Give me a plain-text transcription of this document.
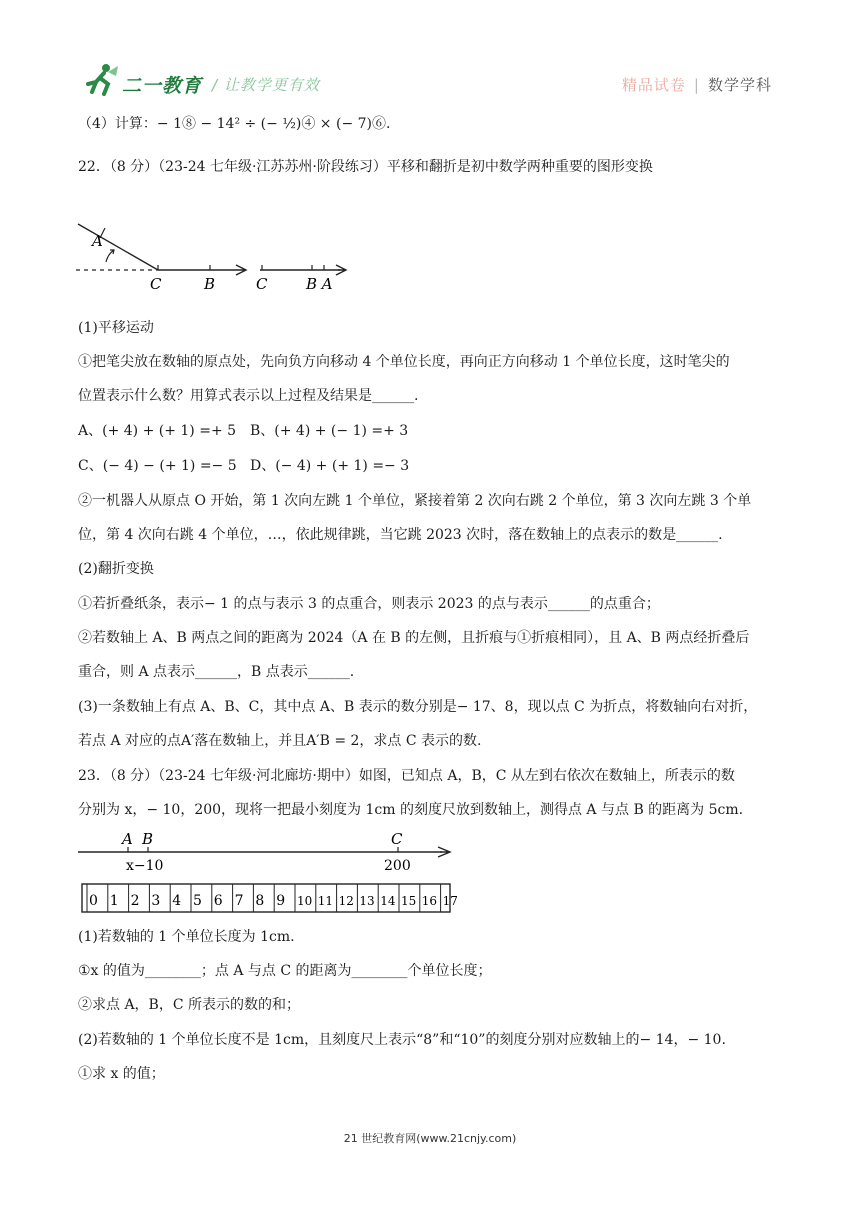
二一教育 / 让教学更有效	精品试卷 | 数学学科
（4）计算：− 1⑧ − 14² ÷ (− ½)④ × (− 7)⑥.
22．（8 分）（23-24 七年级·江苏苏州·阶段练习）平移和翻折是初中数学两种重要的图形变换
A
C	B	C	B A
(1)平移运动
①把笔尖放在数轴的原点处，先向负方向移动 4 个单位长度，再向正方向移动 1 个单位长度，这时笔尖的
位置表示什么数？用算式表示以上过程及结果是______.
A、(+ 4) + (+ 1) =+ 5 B、(+ 4) + (− 1) =+ 3
C、(− 4) − (+ 1) =− 5 D、(− 4) + (+ 1) =− 3
②一机器人从原点 O 开始，第 1 次向左跳 1 个单位，紧接着第 2 次向右跳 2 个单位，第 3 次向左跳 3 个单
位，第 4 次向右跳 4 个单位，…，依此规律跳，当它跳 2023 次时，落在数轴上的点表示的数是______.
(2)翻折变换
①若折叠纸条，表示− 1 的点与表示 3 的点重合，则表示 2023 的点与表示______的点重合；
②若数轴上 A、B 两点之间的距离为 2024（A 在 B 的左侧，且折痕与①折痕相同），且 A、B 两点经折叠后
重合，则 A 点表示______，B 点表示______.
(3)一条数轴上有点 A、B、C，其中点 A、B 表示的数分别是− 17、8，现以点 C 为折点，将数轴向右对折，
若点 A 对应的点A′落在数轴上，并且A′B = 2，求点 C 表示的数.
23．（8 分）（23-24 七年级·河北廊坊·期中）如图，已知点 A，B，C 从左到右依次在数轴上，所表示的数
分别为 x，− 10，200，现将一把最小刻度为 1cm 的刻度尺放到数轴上，测得点 A 与点 B 的距离为 5cm.
A B	C
x−10	200
0 1 2 3 4 5 6 7 8 9 10 11 12 13 14 15 16 17
(1)若数轴的 1 个单位长度为 1cm.
①x 的值为________；点 A 与点 C 的距离为________个单位长度；
②求点 A，B，C 所表示的数的和；
(2)若数轴的 1 个单位长度不是 1cm，且刻度尺上表示“8”和“10”的刻度分别对应数轴上的− 14，− 10.
①求 x 的值；
21 世纪教育网(www.21cnjy.com)
